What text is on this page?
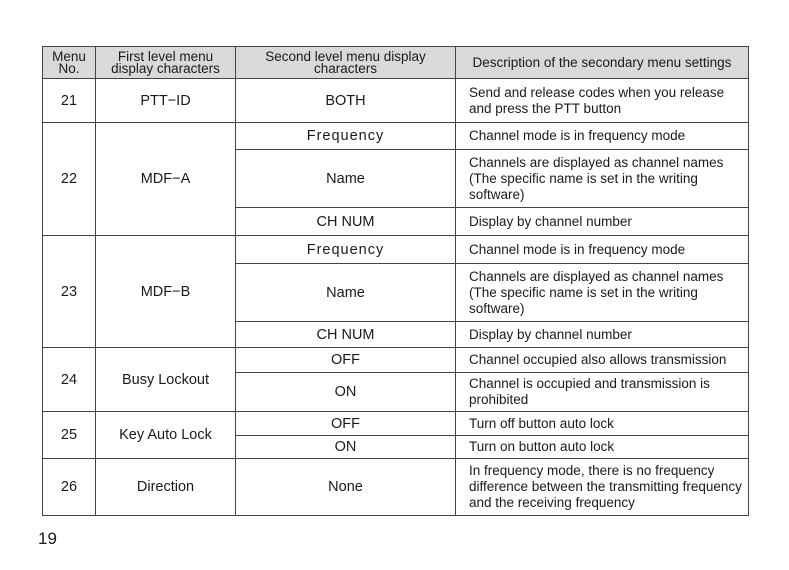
Menu No.	First level menu display characters	Second level menu display characters	Description of the secondary menu settings
21	PTT−ID	BOTH	Send and release codes when you release and press the PTT button
22	MDF−A	Frequency	Channel mode is in frequency mode
		Name	Channels are displayed as channel names (The specific name is set in the writing software)
		CH NUM	Display by channel number
23	MDF−B	Frequency	Channel mode is in frequency mode
		Name	Channels are displayed as channel names (The specific name is set in the writing software)
		CH NUM	Display by channel number
24	Busy Lockout	OFF	Channel occupied also allows transmission
		ON	Channel is occupied and transmission is prohibited
25	Key Auto Lock	OFF	Turn off button auto lock
		ON	Turn on button auto lock
26	Direction	None	In frequency mode, there is no frequency difference between the transmitting frequency and the receiving frequency
19
